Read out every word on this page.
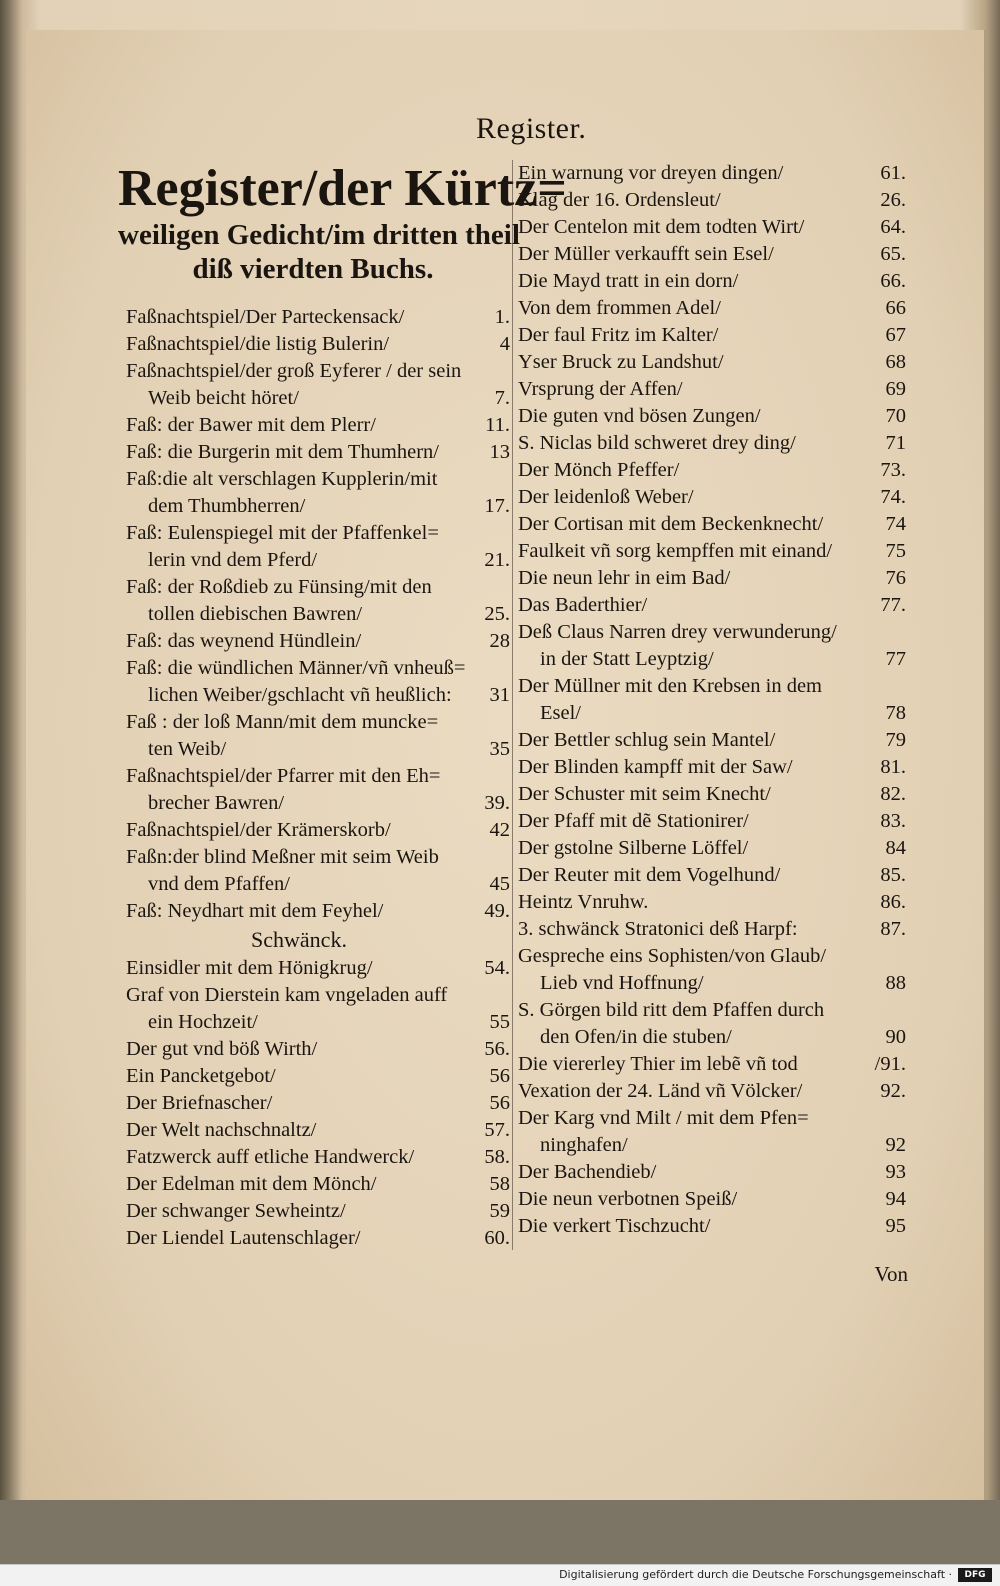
Register.
Register/der Kürtz=
weiligen Gedicht/im dritten theil
diß vierdten Buchs.
Faßnachtspiel/Der Parteckensack/	1.
Faßnachtspiel/die listig Bulerin/	4
Faßnachtspiel/der groß Eyferer / der sein
Weib beicht höret/	7.
Faß: der Bawer mit dem Plerr/	11.
Faß: die Burgerin mit dem Thumhern/	13
Faß:die alt verschlagen Kupplerin/mit
dem Thumbherren/	17.
Faß: Eulenspiegel mit der Pfaffenkel=
lerin vnd dem Pferd/	21.
Faß: der Roßdieb zu Fünsing/mit den
tollen diebischen Bawren/	25.
Faß: das weynend Hündlein/	28
Faß: die wündlichen Männer/vñ vnheuß=
lichen Weiber/gschlacht vñ heußlich:	31
Faß : der loß Mann/mit dem muncke=
ten Weib/	35
Faßnachtspiel/der Pfarrer mit den Eh=
brecher Bawren/	39.
Faßnachtspiel/der Krämerskorb/	42
Faßn:der blind Meßner mit seim Weib
vnd dem Pfaffen/	45
Faß: Neydhart mit dem Feyhel/	49.
Schwänck.
Einsidler mit dem Hönigkrug/	54.
Graf von Dierstein kam vngeladen auff
ein Hochzeit/	55
Der gut vnd böß Wirth/	56.
Ein Pancketgebot/	56
Der Briefnascher/	56
Der Welt nachschnaltz/	57.
Fatzwerck auff etliche Handwerck/	58.
Der Edelman mit dem Mönch/	58
Der schwanger Sewheintz/	59
Der Liendel Lautenschlager/	60.
Ein warnung vor dreyen dingen/	61.
Klag der 16. Ordensleut/	26.
Der Centelon mit dem todten Wirt/	64.
Der Müller verkaufft sein Esel/	65.
Die Mayd tratt in ein dorn/	66.
Von dem frommen Adel/	66
Der faul Fritz im Kalter/	67
Yser Bruck zu Landshut/	68
Vrsprung der Affen/	69
Die guten vnd bösen Zungen/	70
S. Niclas bild schweret drey ding/	71
Der Mönch Pfeffer/	73.
Der leidenloß Weber/	74.
Der Cortisan mit dem Beckenknecht/	74
Faulkeit vñ sorg kempffen mit einand/	75
Die neun lehr in eim Bad/	76
Das Baderthier/	77.
Deß Claus Narren drey verwunderung/
in der Statt Leyptzig/	77
Der Müllner mit den Krebsen in dem
Esel/	78
Der Bettler schlug sein Mantel/	79
Der Blinden kampff mit der Saw/	81.
Der Schuster mit seim Knecht/	82.
Der Pfaff mit dẽ Stationirer/	83.
Der gstolne Silberne Löffel/	84
Der Reuter mit dem Vogelhund/	85.
Heintz Vnruhw.	86.
3. schwänck Stratonici deß Harpf:	87.
Gespreche eins Sophisten/von Glaub/
Lieb vnd Hoffnung/	88
S. Görgen bild ritt dem Pfaffen durch
den Ofen/in die stuben/	90
Die viererley Thier im lebẽ vñ tod	/91.
Vexation der 24. Länd vñ Völcker/	92.
Der Karg vnd Milt / mit dem Pfen=
ninghafen/	92
Der Bachendieb/	93
Die neun verbotnen Speiß/	94
Die verkert Tischzucht/	95
Von
Digitalisierung gefördert durch die Deutsche Forschungsgemeinschaft ·	DFG
